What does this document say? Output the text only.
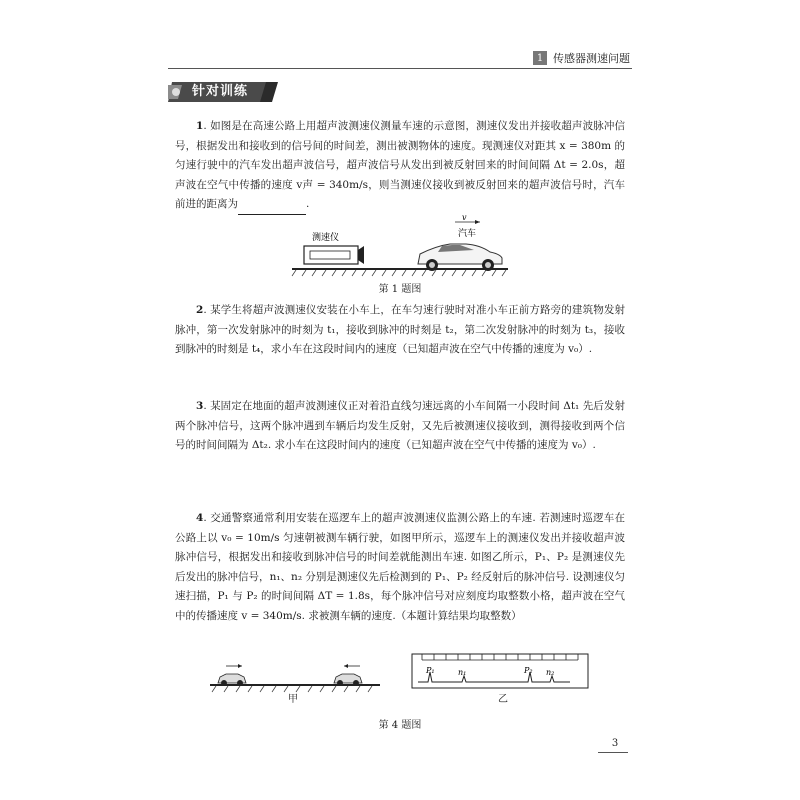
1 传感器测速问题
针对训练

1. 如图是在高速公路上用超声波测速仪测量车速的示意图，测速仪发出并接收超声波脉冲信号，根据发出和接收到的信号间的时间差，测出被测物体的速度。现测速仪对距其 x = 380m 的匀速行驶中的汽车发出超声波信号，超声波信号从发出到被反射回来的时间间隔 Δt = 2.0s，超声波在空气中传播的速度 v声 = 340m/s，则当测速仪接收到被反射回来的超声波信号时，汽车前进的距离为	.

测速仪
v
汽车
第 1 题图

2. 某学生将超声波测速仪安装在小车上，在车匀速行驶时对准小车正前方路旁的建筑物发射脉冲，第一次发射脉冲的时刻为 t₁，接收到脉冲的时刻是 t₂，第二次发射脉冲的时刻为 t₃，接收到脉冲的时刻是 t₄，求小车在这段时间内的速度（已知超声波在空气中传播的速度为 v₀）.

3. 某固定在地面的超声波测速仪正对着沿直线匀速远离的小车间隔一小段时间 Δt₁ 先后发射两个脉冲信号，这两个脉冲遇到车辆后均发生反射，又先后被测速仪接收到，测得接收到两个信号的时间间隔为 Δt₂. 求小车在这段时间内的速度（已知超声波在空气中传播的速度为 v₀）.

4. 交通警察通常利用安装在巡逻车上的超声波测速仪监测公路上的车速. 若测速时巡逻车在公路上以 v₀ = 10m/s 匀速朝被测车辆行驶，如图甲所示，巡逻车上的测速仪发出并接收超声波脉冲信号，根据发出和接收到脉冲信号的时间差就能测出车速. 如图乙所示，P₁、P₂ 是测速仪先后发出的脉冲信号，n₁、n₂ 分别是测速仪先后检测到的 P₁、P₂ 经反射后的脉冲信号. 设测速仪匀速扫描，P₁ 与 P₂ 的时间间隔 ΔT = 1.8s，每个脉冲信号对应刻度均取整数小格，超声波在空气中的传播速度 v = 340m/s. 求被测车辆的速度.（本题计算结果均取整数）

P₁	n₁	P₂ n₂
甲	乙
第 4 题图
3
